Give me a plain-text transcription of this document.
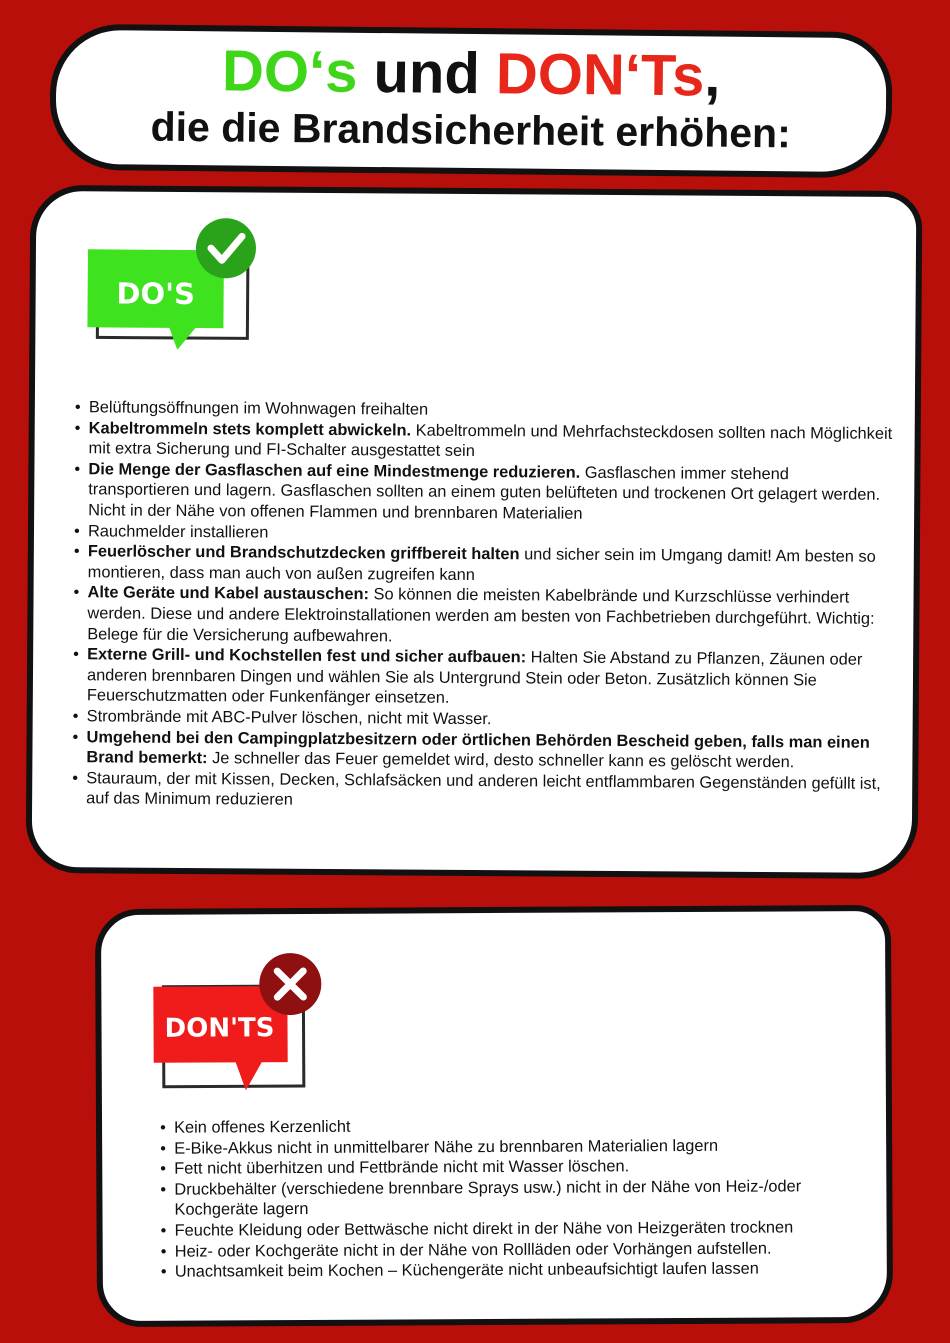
DO‘s und DON‘Ts,
die die Brandsicherheit erhöhen:
DO'S
• Belüftungsöffnungen im Wohnwagen freihalten
• Kabeltrommeln stets komplett abwickeln. Kabeltrommeln und Mehrfachsteckdosen sollten nach Möglichkeit mit extra Sicherung und FI-Schalter ausgestattet sein
• Die Menge der Gasflaschen auf eine Mindestmenge reduzieren. Gasflaschen immer stehend transportieren und lagern. Gasflaschen sollten an einem guten belüfteten und trockenen Ort gelagert werden. Nicht in der Nähe von offenen Flammen und brennbaren Materialien
• Rauchmelder installieren
• Feuerlöscher und Brandschutzdecken griffbereit halten und sicher sein im Umgang damit! Am besten so montieren, dass man auch von außen zugreifen kann
• Alte Geräte und Kabel austauschen: So können die meisten Kabelbrände und Kurzschlüsse verhindert werden. Diese und andere Elektroinstallationen werden am besten von Fachbetrieben durchgeführt. Wichtig: Belege für die Versicherung aufbewahren.
• Externe Grill- und Kochstellen fest und sicher aufbauen: Halten Sie Abstand zu Pflanzen, Zäunen oder anderen brennbaren Dingen und wählen Sie als Untergrund Stein oder Beton. Zusätzlich können Sie Feuerschutzmatten oder Funkenfänger einsetzen.
• Strombrände mit ABC-Pulver löschen, nicht mit Wasser.
• Umgehend bei den Campingplatzbesitzern oder örtlichen Behörden Bescheid geben, falls man einen Brand bemerkt: Je schneller das Feuer gemeldet wird, desto schneller kann es gelöscht werden.
• Stauraum, der mit Kissen, Decken, Schlafsäcken und anderen leicht entflammbaren Gegenständen gefüllt ist, auf das Minimum reduzieren
DON'TS
• Kein offenes Kerzenlicht
• E-Bike-Akkus nicht in unmittelbarer Nähe zu brennbaren Materialien lagern
• Fett nicht überhitzen und Fettbrände nicht mit Wasser löschen.
• Druckbehälter (verschiedene brennbare Sprays usw.) nicht in der Nähe von Heiz-/oder Kochgeräte lagern
• Feuchte Kleidung oder Bettwäsche nicht direkt in der Nähe von Heizgeräten trocknen
• Heiz- oder Kochgeräte nicht in der Nähe von Rollläden oder Vorhängen aufstellen.
• Unachtsamkeit beim Kochen – Küchengeräte nicht unbeaufsichtigt laufen lassen
